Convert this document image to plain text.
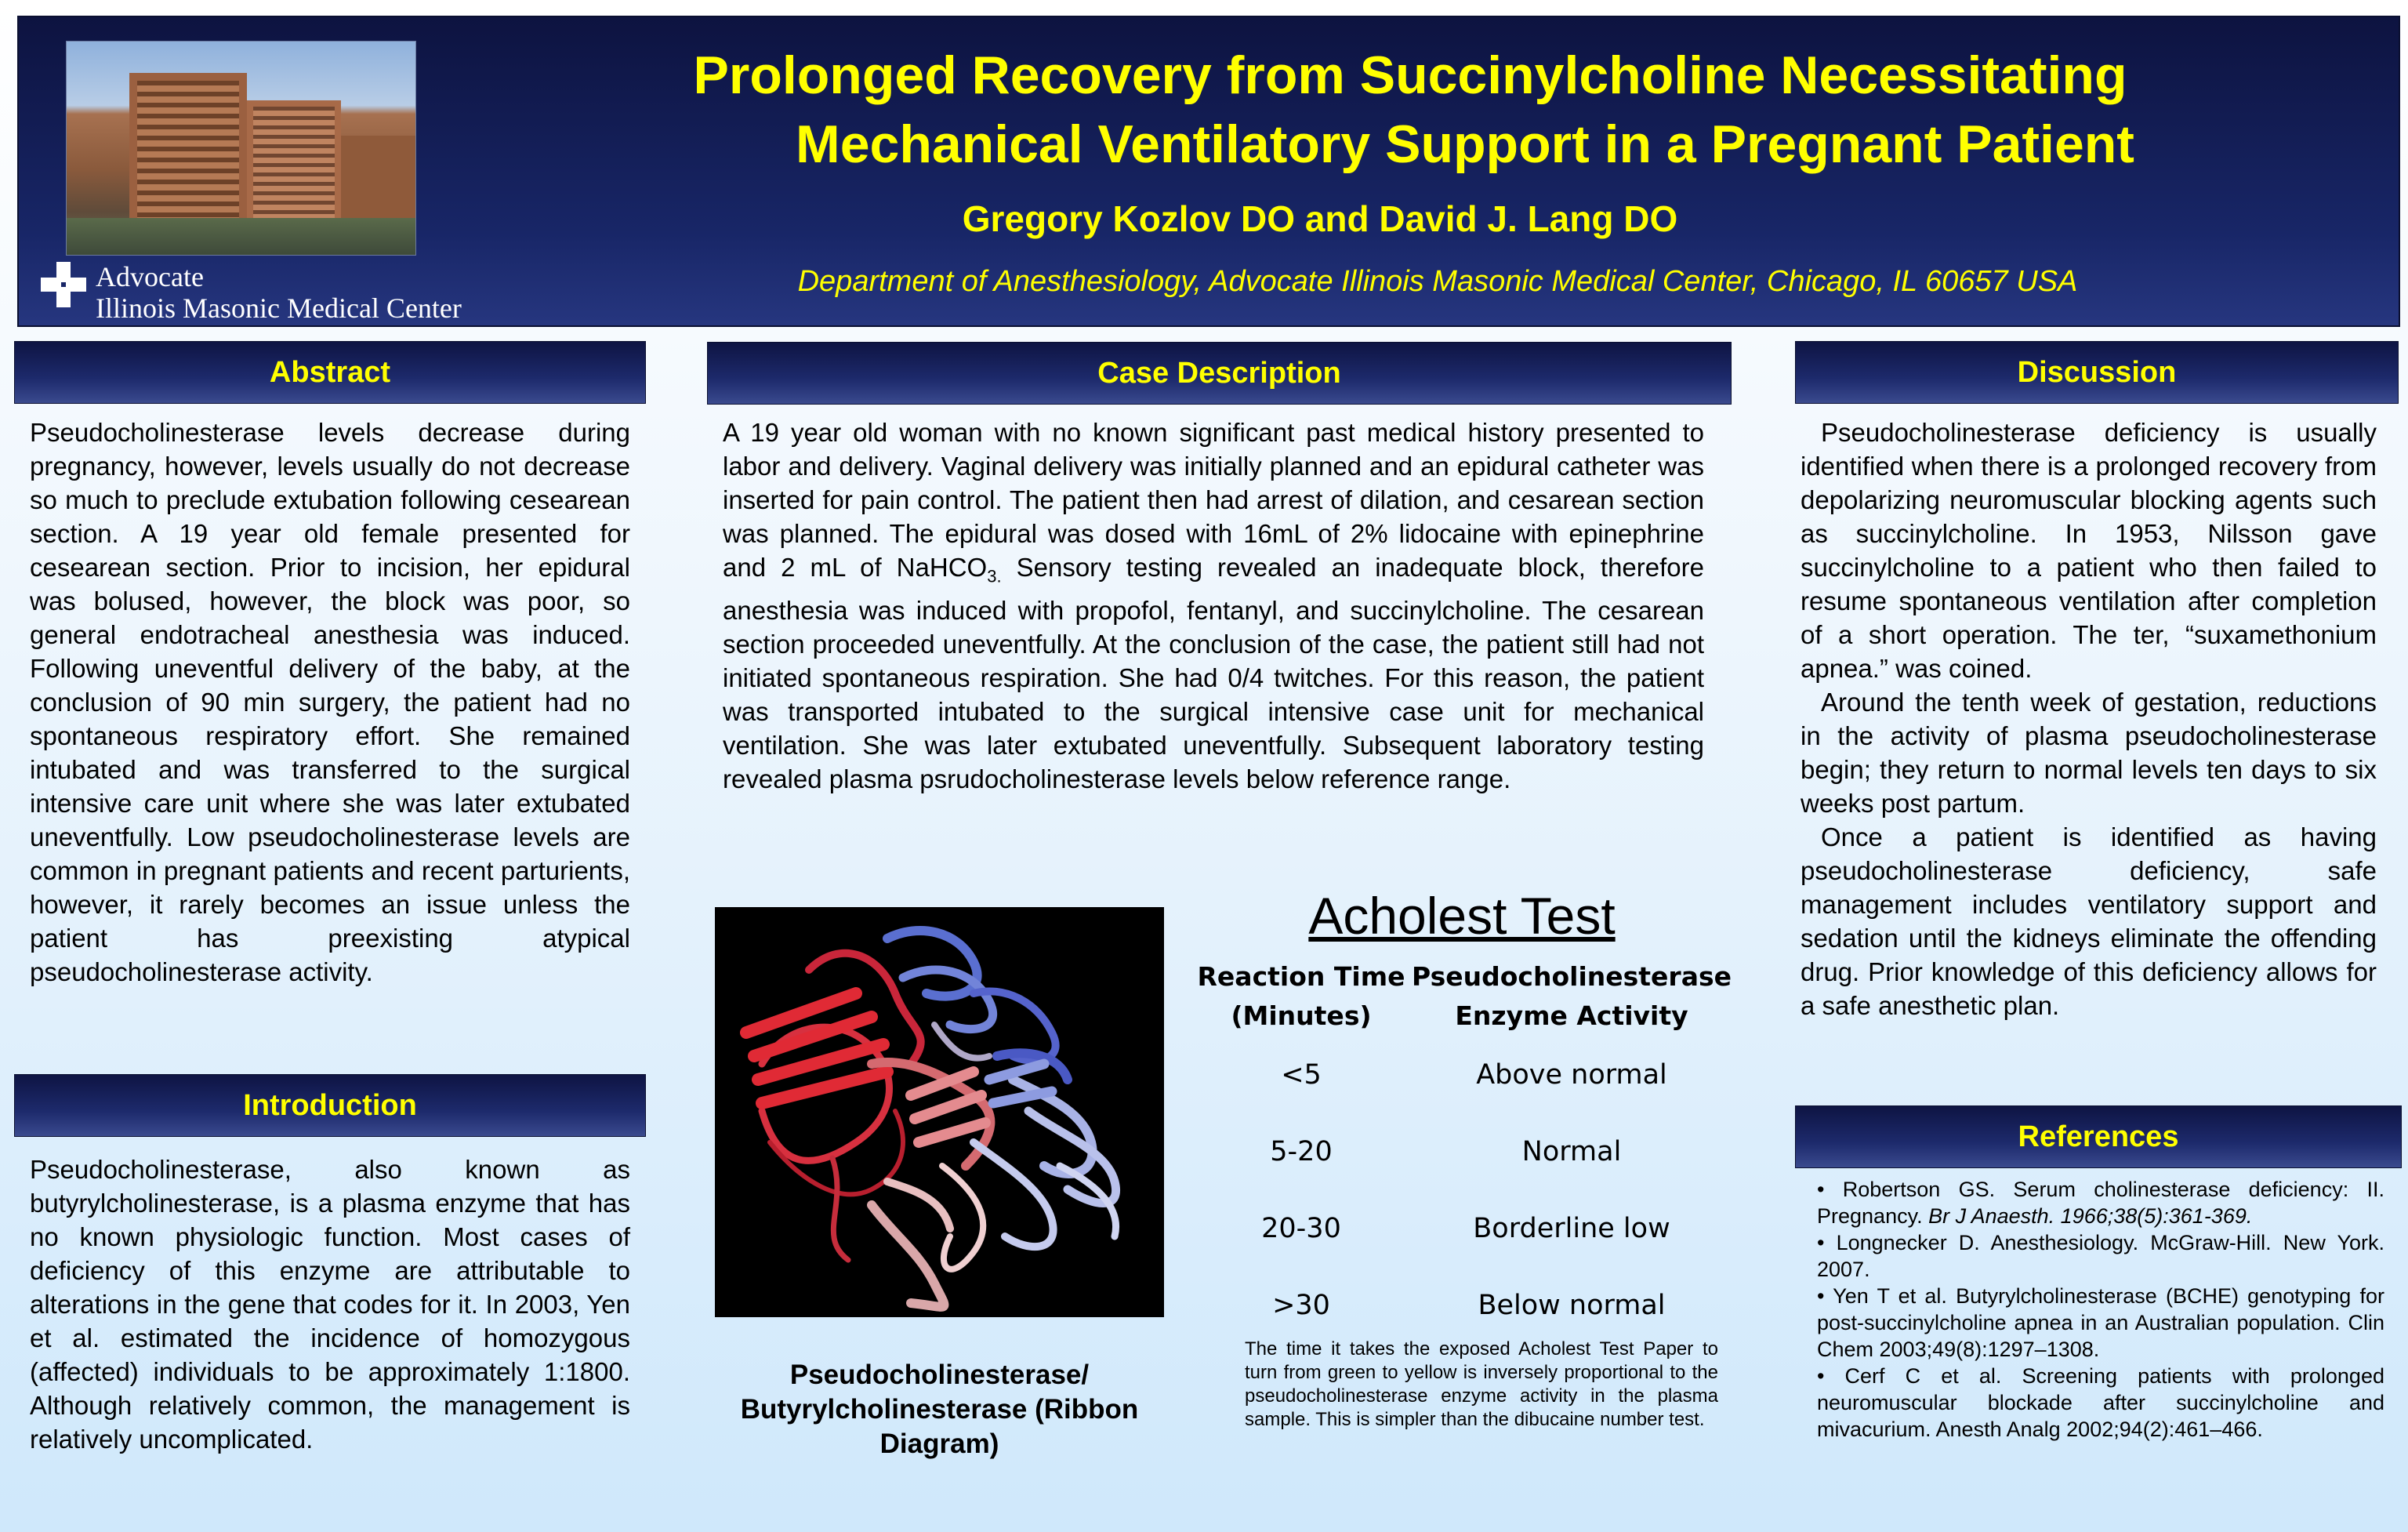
Advocate
Illinois Masonic Medical Center
Prolonged Recovery from Succinylcholine Necessitating
Mechanical Ventilatory Support in a Pregnant Patient
Gregory Kozlov DO and David J. Lang DO
Department of Anesthesiology, Advocate Illinois Masonic Medical Center, Chicago, IL 60657 USA
Abstract

Pseudocholinesterase levels decrease during pregnancy, however, levels usually do not decrease so much to preclude extubation following cesearean section. A 19 year old female presented for cesearean section. Prior to incision, her epidural was bolused, however, the block was poor, so general endotracheal anesthesia was induced. Following uneventful delivery of the baby, at the conclusion of 90 min surgery, the patient had no spontaneous respiratory effort. She remained intubated and was transferred to the surgical intensive care unit where she was later extubated uneventfully. Low pseudocholinesterase levels are common in pregnant patients and recent parturients, however, it rarely becomes an issue unless the patient has preexisting atypical pseudocholinesterase activity.

Introduction

Pseudocholinesterase, also known as butyrylcholinesterase, is a plasma enzyme that has no known physiologic function. Most cases of deficiency of this enzyme are attributable to alterations in the gene that codes for it. In 2003, Yen et al. estimated the incidence of homozygous (affected) individuals to be approximately 1:1800. Although relatively common, the management is relatively uncomplicated.

Case Description

A 19 year old woman with no known significant past medical history presented to labor and delivery. Vaginal delivery was initially planned and an epidural catheter was inserted for pain control. The patient then had arrest of dilation, and cesarean section was planned. The epidural was dosed with 16mL of 2% lidocaine with epinephrine and 2 mL of NaHCO$_{3.}$ Sensory testing revealed an inadequate block, therefore anesthesia was induced with propofol, fentanyl, and succinylcholine. The cesarean section proceeded uneventfully. At the conclusion of the case, the patient still had not initiated spontaneous respiration. She had 0/4 twitches. For this reason, the patient was transported intubated to the surgical intensive case unit for mechanical ventilation. She was later extubated uneventfully. Subsequent laboratory testing revealed plasma psrudocholinesterase levels below reference range.

Pseudocholinesterase/ Butyrylcholinesterase (Ribbon Diagram)
Acholest Test
Reaction Time (Minutes)
Pseudocholinesterase Enzyme Activity
<5	Above normal
5-20	Normal
20-30	Borderline low
>30	Below normal
The time it takes the exposed Acholest Test Paper to turn from green to yellow is inversely proportional to the pseudocholinesterase enzyme activity in the plasma sample. This is simpler than the dibucaine number test.
Discussion

Pseudocholinesterase deficiency is usually identified when there is a prolonged recovery from depolarizing neuromuscular blocking agents such as succinylcholine. In 1953, Nilsson gave succinylcholine to a patient who then failed to resume spontaneous ventilation after completion of a short operation. The ter, “suxamethonium apnea.” was coined.

Around the tenth week of gestation, reductions in the activity of plasma pseudocholinesterase begin; they return to normal levels ten days to six weeks post partum.

Once a patient is identified as having pseudocholinesterase deficiency, safe management includes ventilatory support and sedation until the kidneys eliminate the offending drug. Prior knowledge of this deficiency allows for a safe anesthetic plan.

References

• Robertson GS. Serum cholinesterase deficiency: II. Pregnancy. Br J Anaesth. 1966;38(5):361-369.

• Longnecker D. Anesthesiology. McGraw-Hill. New York. 2007.

• Yen T et al. Butyrylcholinesterase (BCHE) genotyping for post-succinylcholine apnea in an Australian population. Clin Chem 2003;49(8):1297–1308.

• Cerf C et al. Screening patients with prolonged neuromuscular blockade after succinylcholine and mivacurium. Anesth Analg 2002;94(2):461–466.
